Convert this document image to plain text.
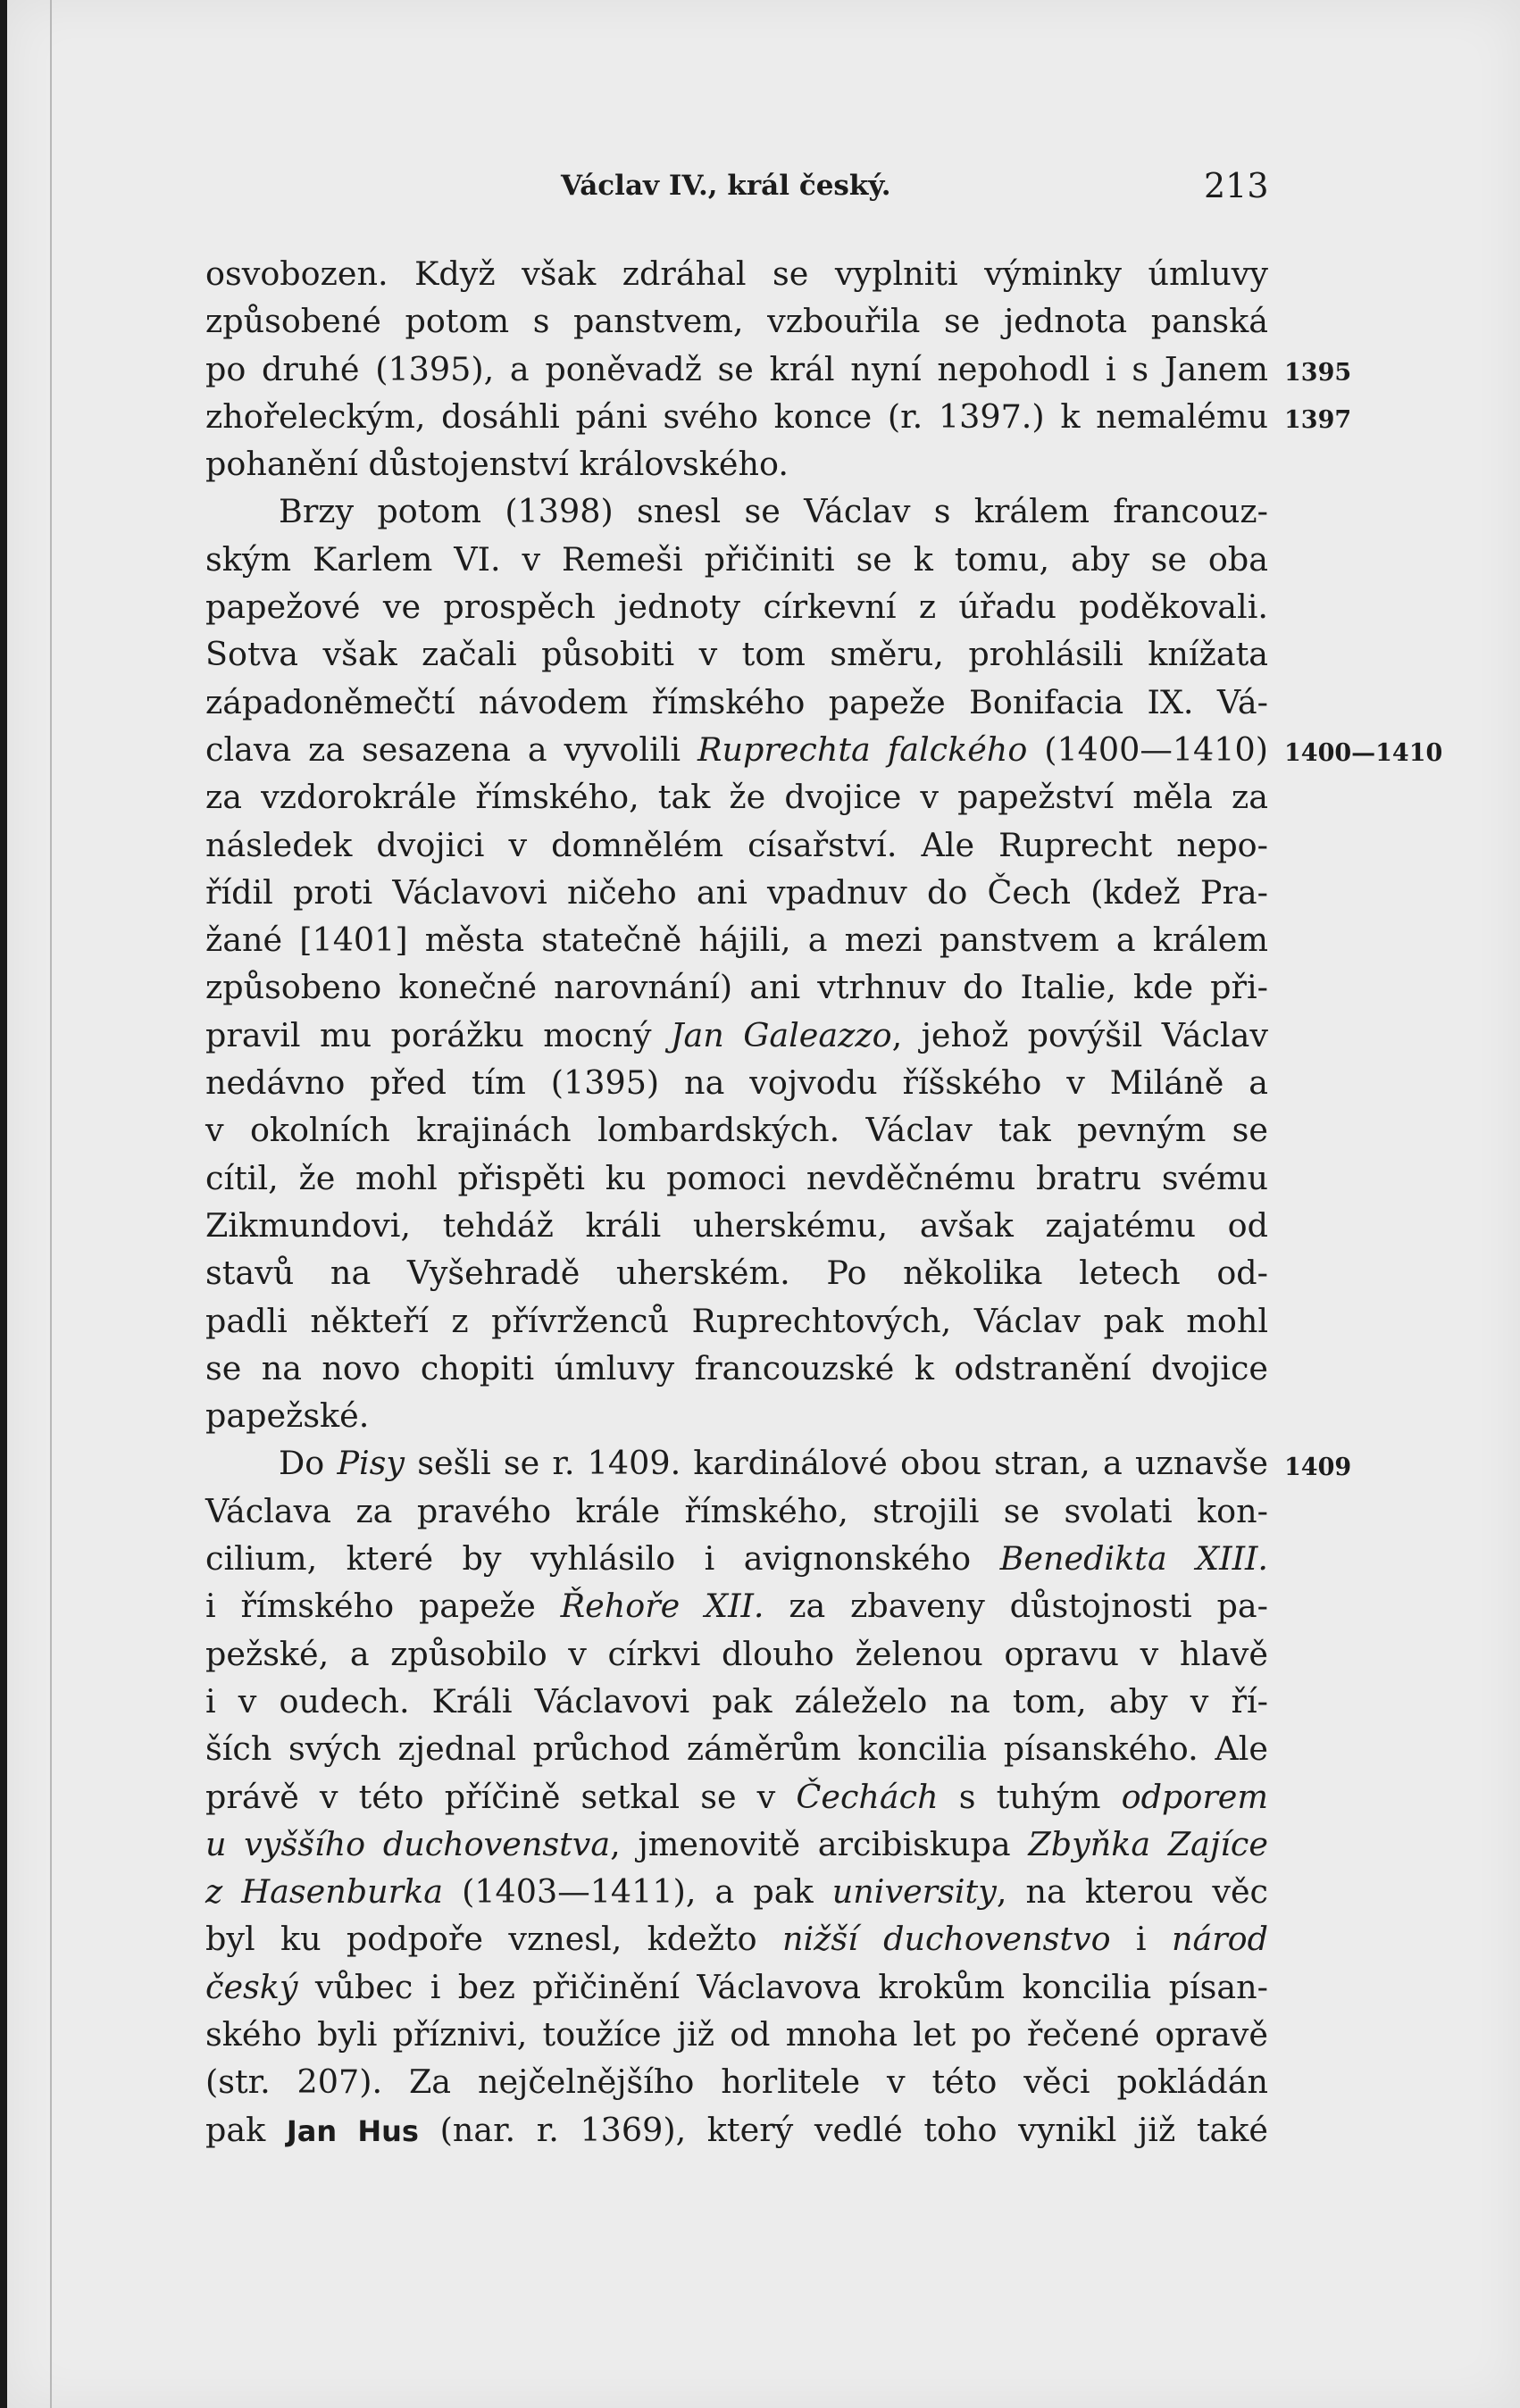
Václav IV., král český.	213
osvobozen. Když však zdráhal se vyplniti výminky úmluvy
způsobené potom s panstvem, vzbouřila se jednota panská
po druhé (1395), a poněvadž se král nyní nepohodl i s Janem
zhořeleckým, dosáhli páni svého konce (r. 1397.) k nemalému
pohanění důstojenství královského.
Brzy potom (1398) snesl se Václav s králem francouz-
ským Karlem VI. v Remeši přičiniti se k tomu, aby se oba
papežové ve prospěch jednoty církevní z úřadu poděkovali.
Sotva však začali působiti v tom směru, prohlásili knížata
západoněmečtí návodem římského papeže Bonifacia IX. Vá-
clava za sesazena a vyvolili Ruprechta falckého (1400—1410)
za vzdorokrále římského, tak že dvojice v papežství měla za
následek dvojici v domnělém císařství. Ale Ruprecht nepo-
řídil proti Václavovi ničeho ani vpadnuv do Čech (kdež Pra-
žané [1401] města statečně hájili, a mezi panstvem a králem
způsobeno konečné narovnání) ani vtrhnuv do Italie, kde při-
pravil mu porážku mocný Jan Galeazzo, jehož povýšil Václav
nedávno před tím (1395) na vojvodu říšského v Miláně a
v okolních krajinách lombardských. Václav tak pevným se
cítil, že mohl přispěti ku pomoci nevděčnému bratru svému
Zikmundovi, tehdáž králi uherskému, avšak zajatému od
stavů na Vyšehradě uherském. Po několika letech od-
padli někteří z přívrženců Ruprechtových, Václav pak mohl
se na novo chopiti úmluvy francouzské k odstranění dvojice
papežské.
Do Pisy sešli se r. 1409. kardinálové obou stran, a uznavše
Václava za pravého krále římského, strojili se svolati kon-
cilium, které by vyhlásilo i avignonského Benedikta XIII.
i římského papeže Řehoře XII. za zbaveny důstojnosti pa-
pežské, a způsobilo v církvi dlouho želenou opravu v hlavě
i v oudech. Králi Václavovi pak záleželo na tom, aby v ří-
ších svých zjednal průchod záměrům koncilia písanského. Ale
právě v této příčině setkal se v Čechách s tuhým odporem
u vyššího duchovenstva, jmenovitě arcibiskupa Zbyňka Zajíce
z Hasenburka (1403—1411), a pak university, na kterou věc
byl ku podpoře vznesl, kdežto nižší duchovenstvo i národ
český vůbec i bez přičinění Václavova krokům koncilia písan-
ského byli příznivi, toužíce již od mnoha let po řečené opravě
(str. 207). Za nejčelnějšího horlitele v této věci pokládán
pak Jan Hus (nar. r. 1369), který vedlé toho vynikl již také
1395
1397
1400—1410
1409
